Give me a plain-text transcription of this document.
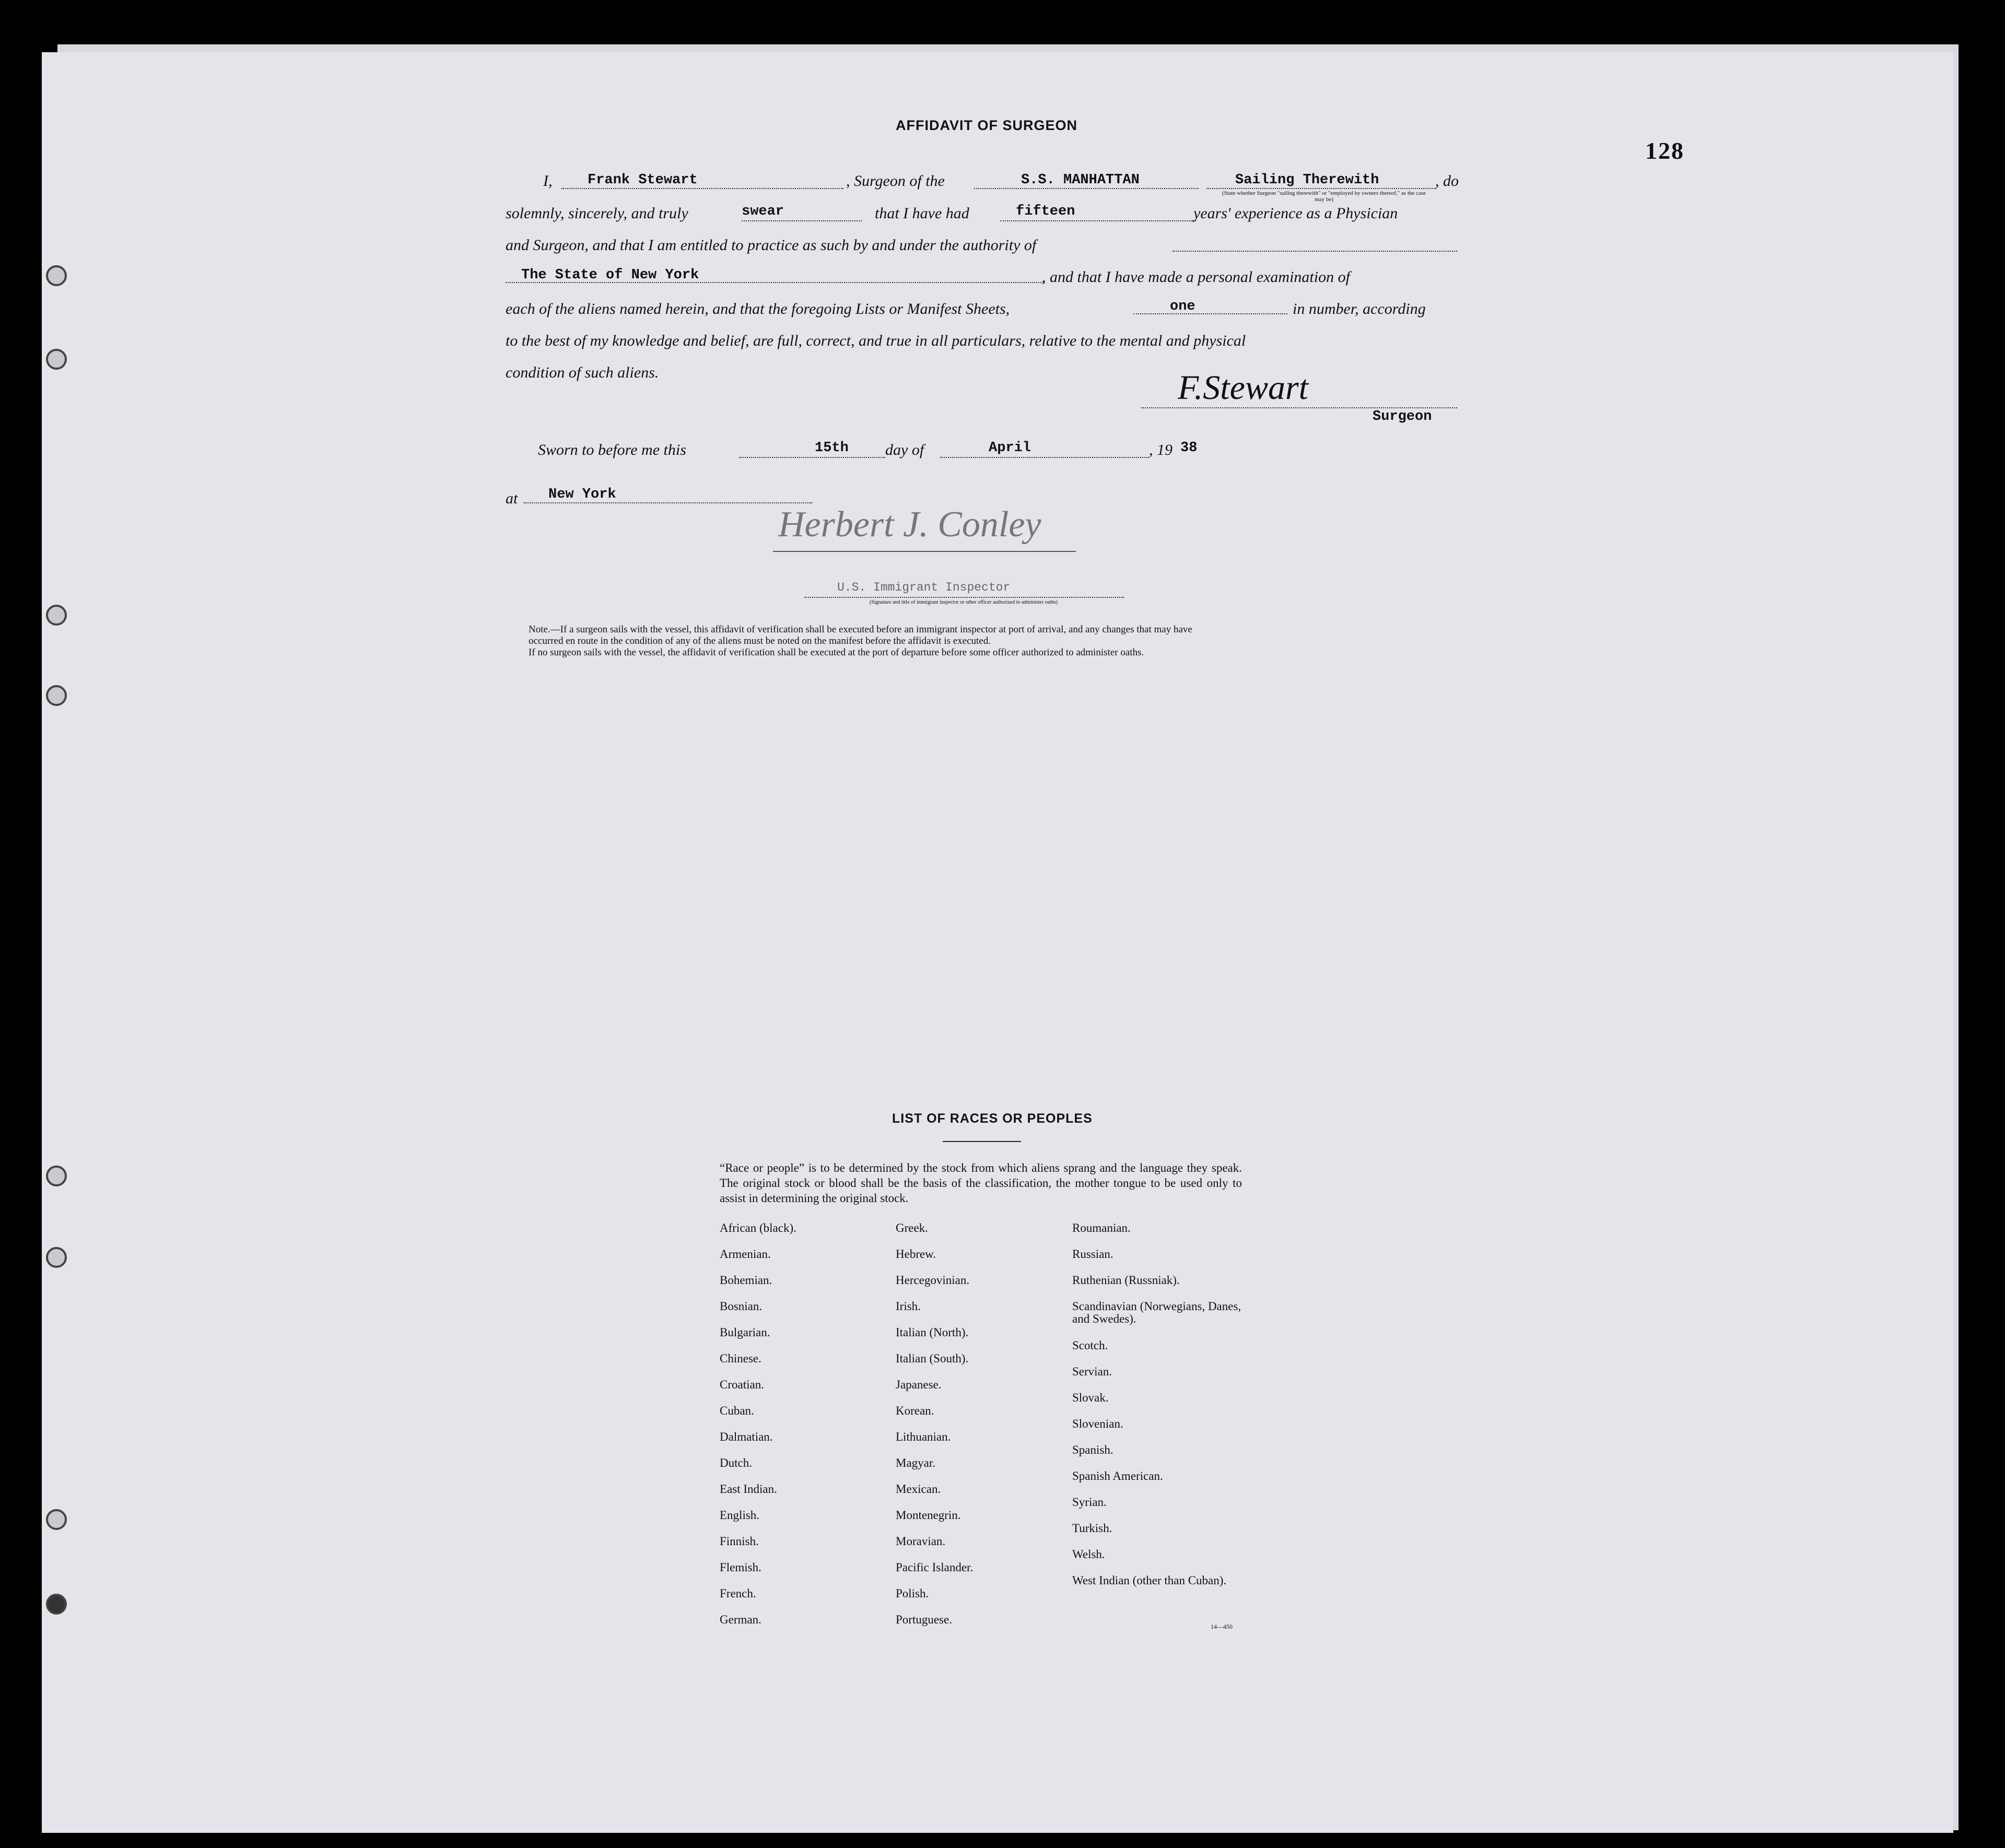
128
AFFIDAVIT OF SURGEON
I,	Frank Stewart	, Surgeon of the	S.S. MANHATTAN	Sailing Therewith	, do
(State whether Surgeon "sailing therewith" or "employed by owners thereof," as the case may be)
solemnly, sincerely, and truly	swear	that I have had	fifteen	years' experience as a Physician
and Surgeon, and that I am entitled to practice as such by and under the authority of
The State of New York	, and that I have made a personal examination of
each of the aliens named herein, and that the foregoing Lists or Manifest Sheets,	one	in number, according
to the best of my knowledge and belief, are full, correct, and true in all particulars, relative to the mental and physical
condition of such aliens.	F.Stewart
Surgeon
Sworn to before me this	15th day of	April	, 19 38
at New York
Herbert J. Conley
U.S. Immigrant Inspector
(Signature and title of immigrant inspector or other officer authorized to administer oaths)
Note.—If a surgeon sails with the vessel, this affidavit of verification shall be executed before an immigrant inspector at port of arrival, and any changes that may have
occurred en route in the condition of any of the aliens must be noted on the manifest before the affidavit is executed.
If no surgeon sails with the vessel, the affidavit of verification shall be executed at the port of departure before some officer authorized to administer oaths.
LIST OF RACES OR PEOPLES
“Race or people” is to be determined by the stock from which aliens sprang and the language they speak. The original stock or blood shall be the basis of the classification, the mother tongue to be used only to assist in determining the original stock.
African (black).
Armenian.
Bohemian.
Bosnian.
Bulgarian.
Chinese.
Croatian.
Cuban.
Dalmatian.
Dutch.
East Indian.
English.
Finnish.
Flemish.
French.
German.
Greek.
Hebrew.
Hercegovinian.
Irish.
Italian (North).
Italian (South).
Japanese.
Korean.
Lithuanian.
Magyar.
Mexican.
Montenegrin.
Moravian.
Pacific Islander.
Polish.
Portuguese.
Roumanian.
Russian.
Ruthenian (Russniak).
Scandinavian (Norwegians, Danes, and Swedes).
Scotch.
Servian.
Slovak.
Slovenian.
Spanish.
Spanish American.
Syrian.
Turkish.
Welsh.
West Indian (other than Cuban).
14—450
